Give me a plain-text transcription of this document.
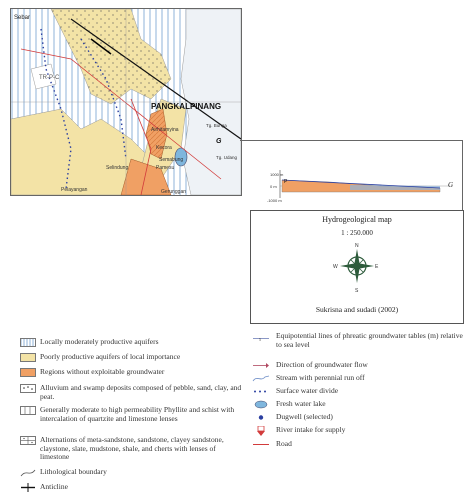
Sebar
TR-P-C
PANGKALPINANG
G
Airhitamyina
Kecora
Semabung
Pamesu
Gerunggan
Pelayangan
Selindung
Tg. Bunga
Tg. Udang
1000 m
0 m
-1000 m
P	G
Hydrogeological map
1 : 250.000
N
S
E
W
Sukrisna and sudadi (2002)
Locally moderately productive aquifers
Poorly productive aquifers of local importance
Regions without exploitable groundwater
Alluvium and swamp deposits composed of pebble, sand, clay, and peat.
Generally moderate to high permeability Phyllite and schist with intercalation of quartzite and limestone lenses
Alternations of meta-sandstone, sandstone, clayey sandstone, claystone, slate, mudstone, shale, and cherts with lenses of limestone
Lithological boundary
Anticline
5 Equipotential lines of phreatic groundwater tables (m) relative to sea level
Direction of groundwater flow
Stream with perennial run off
Surface water divide
Fresh water lake
Dugwell (selected)
River intake for supply
Road
